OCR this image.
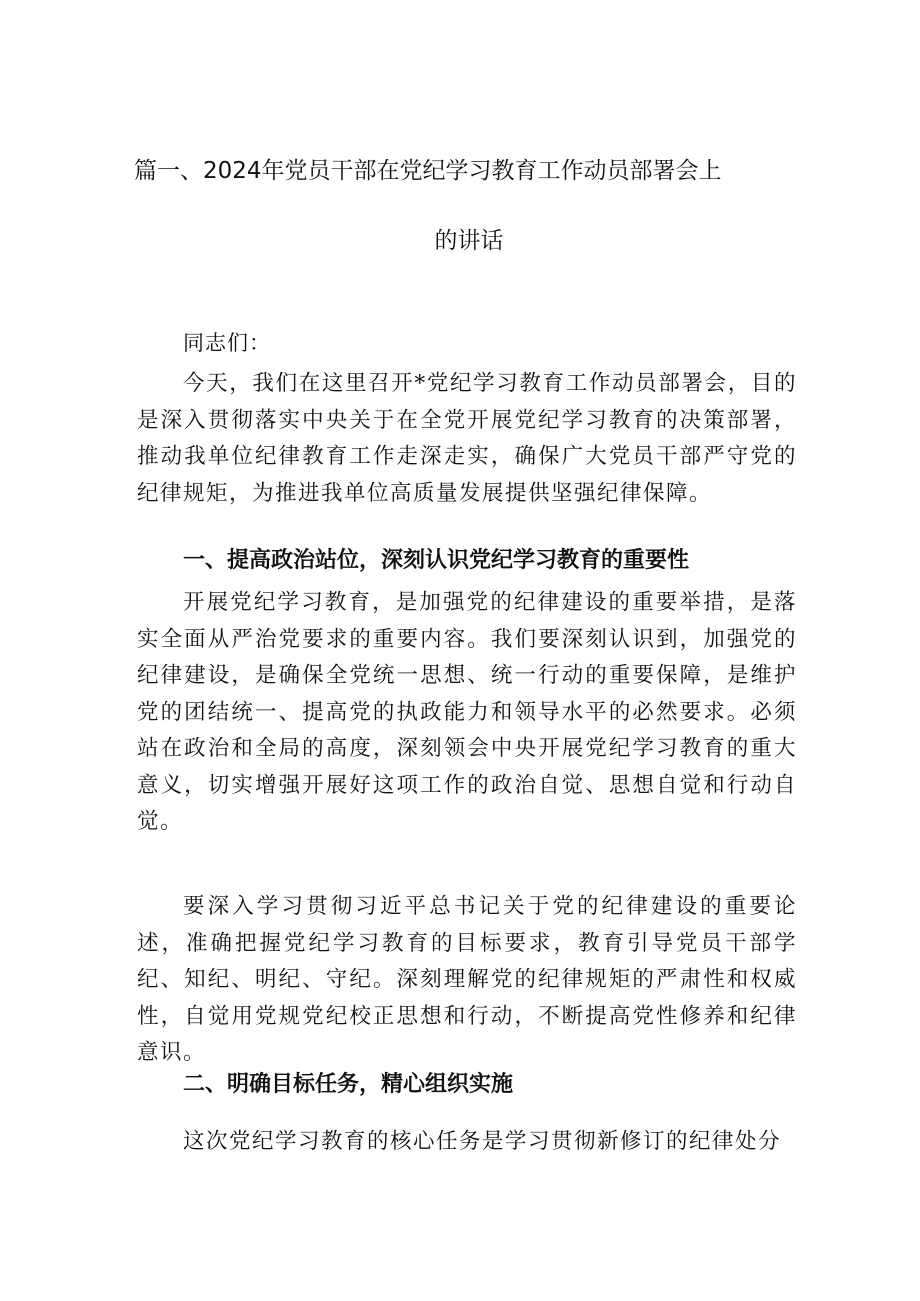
篇一、2024年党员干部在党纪学习教育工作动员部署会上
的讲话

同志们：

今天，我们在这里召开*党纪学习教育工作动员部署会，目的是深入贯彻落实中央关于在全党开展党纪学习教育的决策部署，推动我单位纪律教育工作走深走实，确保广大党员干部严守党的纪律规矩，为推进我单位高质量发展提供坚强纪律保障。

一、提高政治站位，深刻认识党纪学习教育的重要性

开展党纪学习教育，是加强党的纪律建设的重要举措，是落实全面从严治党要求的重要内容。我们要深刻认识到，加强党的纪律建设，是确保全党统一思想、统一行动的重要保障，是维护党的团结统一、提高党的执政能力和领导水平的必然要求。必须站在政治和全局的高度，深刻领会中央开展党纪学习教育的重大意义，切实增强开展好这项工作的政治自觉、思想自觉和行动自觉。

要深入学习贯彻习近平总书记关于党的纪律建设的重要论述，准确把握党纪学习教育的目标要求，教育引导党员干部学纪、知纪、明纪、守纪。深刻理解党的纪律规矩的严肃性和权威性，自觉用党规党纪校正思想和行动，不断提高党性修养和纪律意识。

二、明确目标任务，精心组织实施

这次党纪学习教育的核心任务是学习贯彻新修订的纪律处分
